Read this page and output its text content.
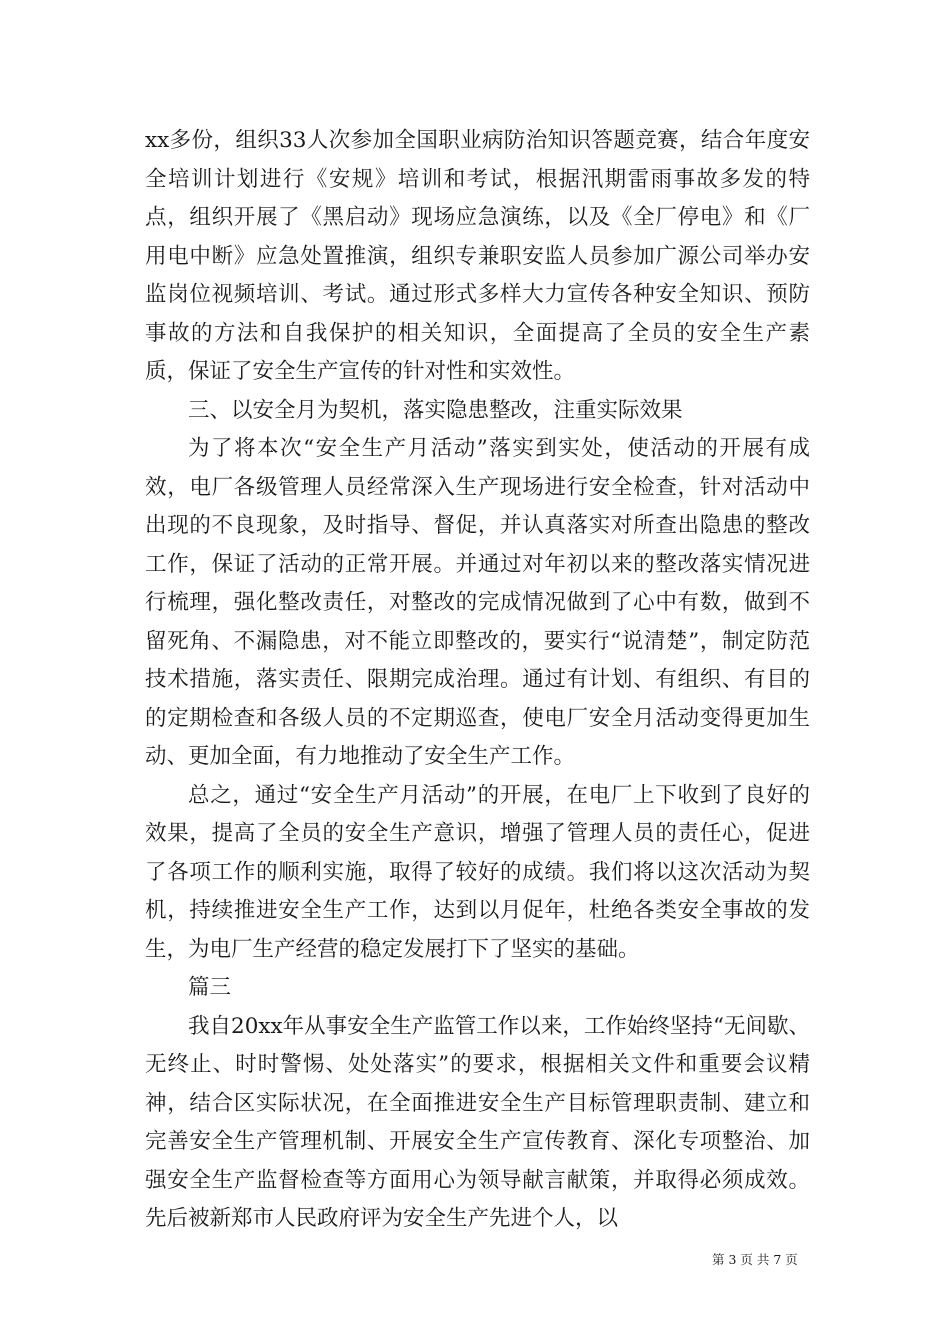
xx多份，组织33人次参加全国职业病防治知识答题竞赛，结合年度安全培训计划进行《安规》培训和考试，根据汛期雷雨事故多发的特点，组织开展了《黑启动》现场应急演练，以及《全厂停电》和《厂用电中断》应急处置推演，组织专兼职安监人员参加广源公司举办安监岗位视频培训、考试。通过形式多样大力宣传各种安全知识、预防事故的方法和自我保护的相关知识，全面提高了全员的安全生产素质，保证了安全生产宣传的针对性和实效性。

三、以安全月为契机，落实隐患整改，注重实际效果

为了将本次“安全生产月活动”落实到实处，使活动的开展有成效，电厂各级管理人员经常深入生产现场进行安全检查，针对活动中出现的不良现象，及时指导、督促，并认真落实对所查出隐患的整改工作，保证了活动的正常开展。并通过对年初以来的整改落实情况进行梳理，强化整改责任，对整改的完成情况做到了心中有数，做到不留死角、不漏隐患，对不能立即整改的，要实行“说清楚”，制定防范技术措施，落实责任、限期完成治理。通过有计划、有组织、有目的的定期检查和各级人员的不定期巡查，使电厂安全月活动变得更加生动、更加全面，有力地推动了安全生产工作。

总之，通过“安全生产月活动”的开展，在电厂上下收到了良好的效果，提高了全员的安全生产意识，增强了管理人员的责任心，促进了各项工作的顺利实施，取得了较好的成绩。我们将以这次活动为契机，持续推进安全生产工作，达到以月促年，杜绝各类安全事故的发生，为电厂生产经营的稳定发展打下了坚实的基础。

篇三

我自20xx年从事安全生产监管工作以来，工作始终坚持“无间歇、无终止、时时警惕、处处落实”的要求，根据相关文件和重要会议精神，结合区实际状况，在全面推进安全生产目标管理职责制、建立和完善安全生产管理机制、开展安全生产宣传教育、深化专项整治、加强安全生产监督检查等方面用心为领导献言献策，并取得必须成效。先后被新郑市人民政府评为安全生产先进个人，以

第 3 页 共 7 页
